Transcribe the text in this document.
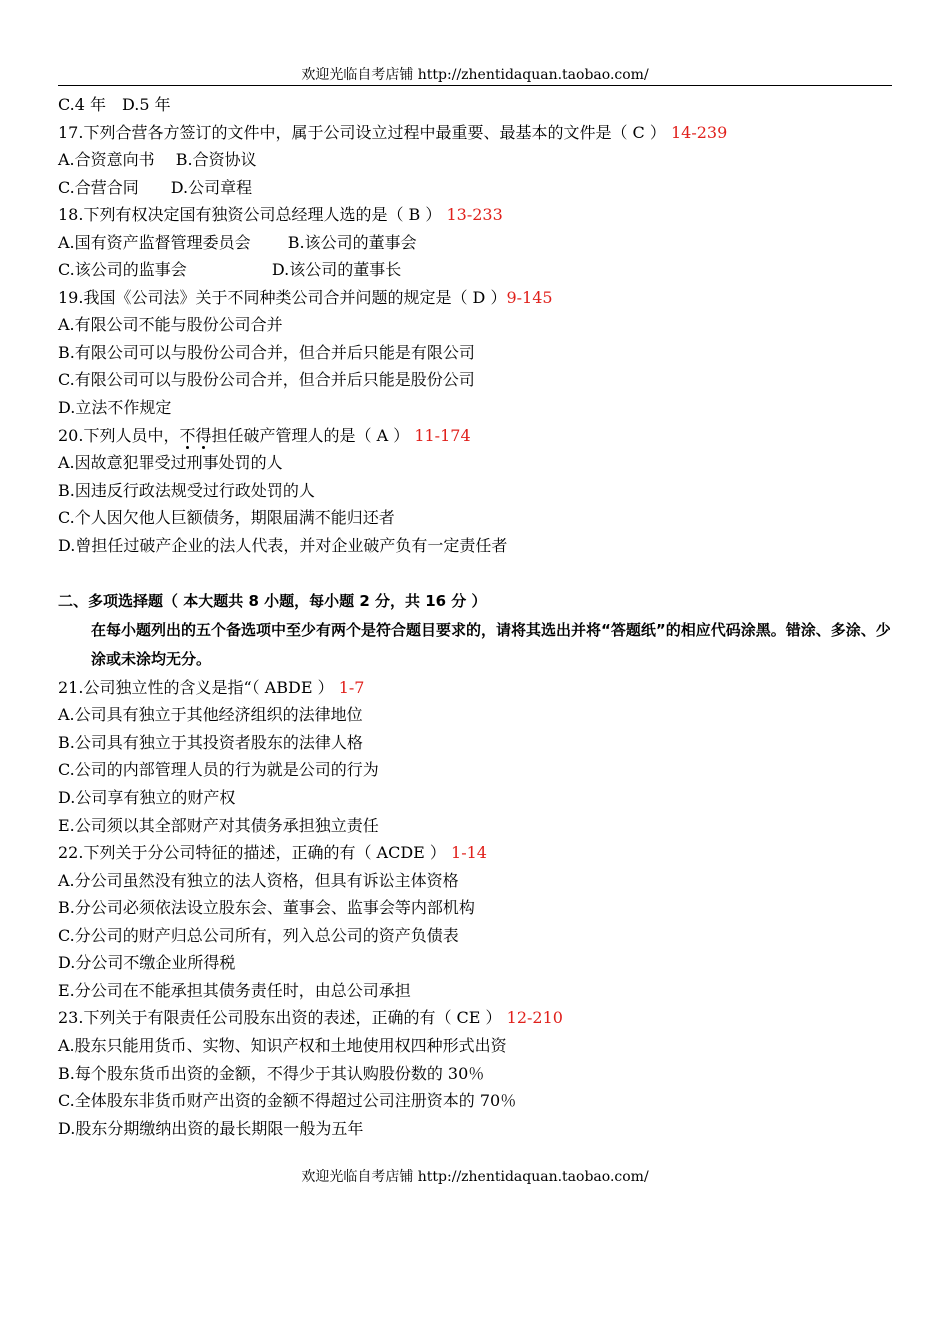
欢迎光临自考店铺 http://zhentidaquan.taobao.com/
C.4 年　D.5 年
17.下列合营各方签订的文件中，属于公司设立过程中最重要、最基本的文件是（ C ） 14-239
A.合资意向书　 B.合资协议
C.合营合同　　D.公司章程
18.下列有权决定国有独资公司总经理人选的是（ B ） 13-233
A.国有资产监督管理委员会　　 B.该公司的董事会
C.该公司的监事会　　　　　 D.该公司的董事长
19.我国《公司法》关于不同种类公司合并问题的规定是（ D ）9-145
A.有限公司不能与股份公司合并
B.有限公司可以与股份公司合并，但合并后只能是有限公司
C.有限公司可以与股份公司合并，但合并后只能是股份公司
D.立法不作规定
20.下列人员中，不得担任破产管理人的是（ A ） 11-174
A.因故意犯罪受过刑事处罚的人
B.因违反行政法规受过行政处罚的人
C.个人因欠他人巨额债务，期限届满不能归还者
D.曾担任过破产企业的法人代表，并对企业破产负有一定责任者
二、多项选择题（ 本大题共 8 小题，每小题 2 分，共 16 分 ）
在每小题列出的五个备选项中至少有两个是符合题目要求的，请将其选出并将“答题纸”的相应代码涂黑。错涂、多涂、少涂或未涂均无分。
21.公司独立性的含义是指“（ ABDE ） 1-7
A.公司具有独立于其他经济组织的法律地位
B.公司具有独立于其投资者股东的法律人格
C.公司的内部管理人员的行为就是公司的行为
D.公司享有独立的财产权
E.公司须以其全部财产对其债务承担独立责任
22.下列关于分公司特征的描述，正确的有（ ACDE ） 1-14
A.分公司虽然没有独立的法人资格，但具有诉讼主体资格
B.分公司必须依法设立股东会、董事会、监事会等内部机构
C.分公司的财产归总公司所有，列入总公司的资产负债表
D.分公司不缴企业所得税
E.分公司在不能承担其债务责任时，由总公司承担
23.下列关于有限责任公司股东出资的表述，正确的有（ CE ） 12-210
A.股东只能用货币、实物、知识产权和土地使用权四种形式出资
B.每个股东货币出资的金额，不得少于其认购股份数的 30％
C.全体股东非货币财产出资的金额不得超过公司注册资本的 70％
D.股东分期缴纳出资的最长期限一般为五年
欢迎光临自考店铺 http://zhentidaquan.taobao.com/
